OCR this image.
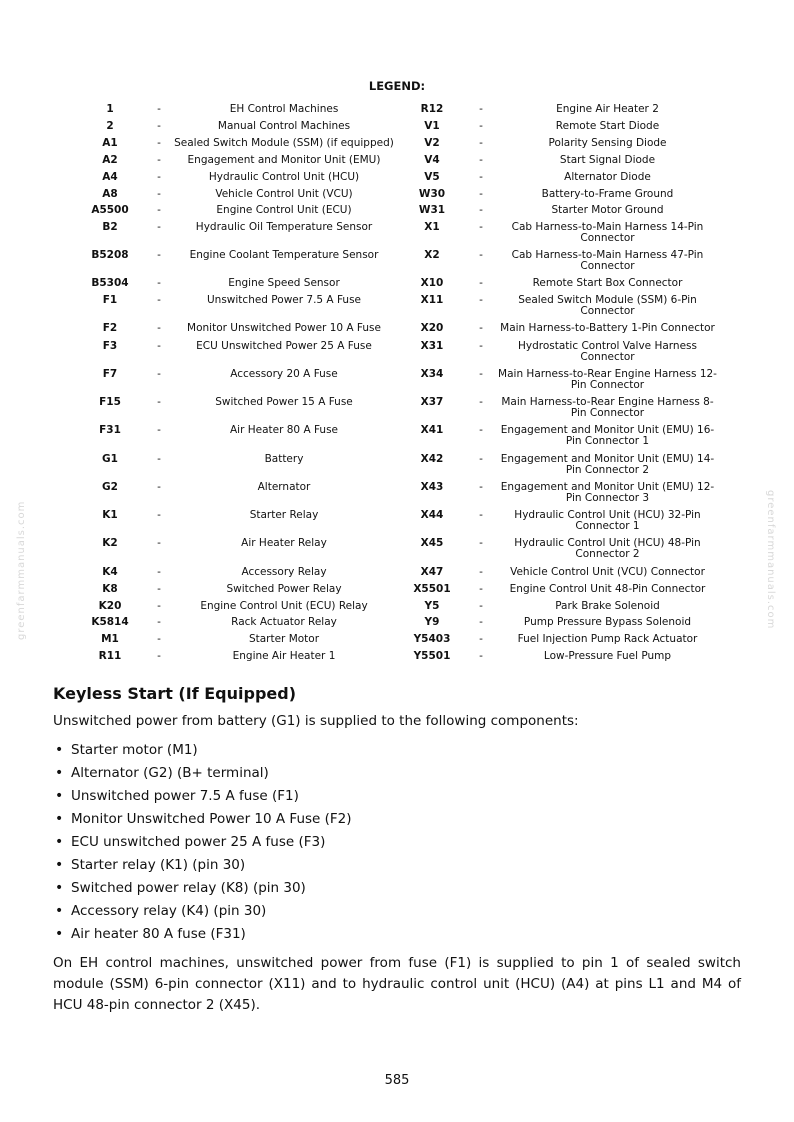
LEGEND:
1	-	EH Control Machines	R12	-	Engine Air Heater 2
2	-	Manual Control Machines	V1	-	Remote Start Diode
A1	- Sealed Switch Module (SSM) (if equipped)	V2	-	Polarity Sensing Diode
A2	-	Engagement and Monitor Unit (EMU)	V4	-	Start Signal Diode
A4	-	Hydraulic Control Unit (HCU)	V5	-	Alternator Diode
A8	-	Vehicle Control Unit (VCU)	W30	-	Battery-to-Frame Ground
A5500	-	Engine Control Unit (ECU)	W31	-	Starter Motor Ground
B2	-	Hydraulic Oil Temperature Sensor	X1	-	Cab Harness-to-Main Harness 14-Pin Connector
B5208	-	Engine Coolant Temperature Sensor	X2	-	Cab Harness-to-Main Harness 47-Pin Connector
B5304	-	Engine Speed Sensor	X10	-	Remote Start Box Connector
F1	-	Unswitched Power 7.5 A Fuse	X11	-	Sealed Switch Module (SSM) 6-Pin Connector
F2	-	Monitor Unswitched Power 10 A Fuse	X20	-	Main Harness-to-Battery 1-Pin Connector
F3	-	ECU Unswitched Power 25 A Fuse	X31	-	Hydrostatic Control Valve Harness Connector
F7	-	Accessory 20 A Fuse	X34	- Main Harness-to-Rear Engine Harness 12-Pin Connector
F15	-	Switched Power 15 A Fuse	X37	-	Main Harness-to-Rear Engine Harness 8-Pin Connector
F31	-	Air Heater 80 A Fuse	X41	-	Engagement and Monitor Unit (EMU) 16-Pin Connector 1
G1	-	Battery	X42	-	Engagement and Monitor Unit (EMU) 14-Pin Connector 2
G2	-	Alternator	X43	-	Engagement and Monitor Unit (EMU) 12-Pin Connector 3
K1	-	Starter Relay	X44	-	Hydraulic Control Unit (HCU) 32-Pin Connector 1
K2	-	Air Heater Relay	X45	-	Hydraulic Control Unit (HCU) 48-Pin Connector 2
K4	-	Accessory Relay	X47	-	Vehicle Control Unit (VCU) Connector
K8	-	Switched Power Relay	X5501	-	Engine Control Unit 48-Pin Connector
K20	-	Engine Control Unit (ECU) Relay	Y5	-	Park Brake Solenoid
K5814	-	Rack Actuator Relay	Y9	-	Pump Pressure Bypass Solenoid
M1	-	Starter Motor	Y5403	-	Fuel Injection Pump Rack Actuator
R11	-	Engine Air Heater 1	Y5501	-	Low-Pressure Fuel Pump
greenfarmmanuals.com	greenfarmmanuals.com
Keyless Start (If Equipped)
Unswitched power from battery (G1) is supplied to the following components:
• Starter motor (M1)
• Alternator (G2) (B+ terminal)
• Unswitched power 7.5 A fuse (F1)
• Monitor Unswitched Power 10 A Fuse (F2)
• ECU unswitched power 25 A fuse (F3)
• Starter relay (K1) (pin 30)
• Switched power relay (K8) (pin 30)
• Accessory relay (K4) (pin 30)
• Air heater 80 A fuse (F31)
On EH control machines, unswitched power from fuse (F1) is supplied to pin 1 of sealed switch module (SSM) 6-pin connector (X11) and to hydraulic control unit (HCU) (A4) at pins L1 and M4 of HCU 48-pin connector 2 (X45).
585
